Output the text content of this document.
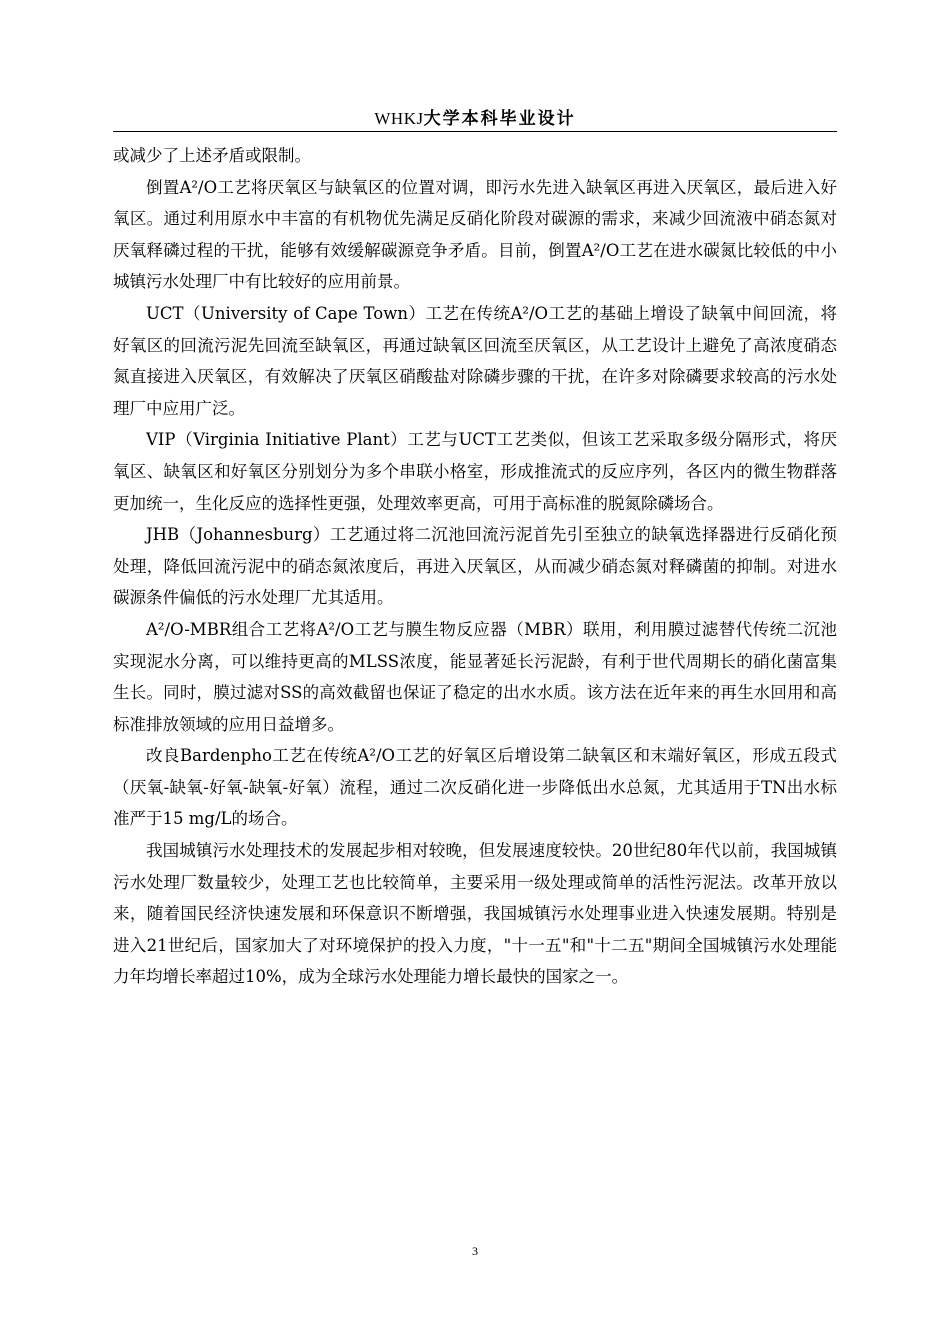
WHKJ大学本科毕业设计

或减少了上述矛盾或限制。

倒置A²/O工艺将厌氧区与缺氧区的位置对调，即污水先进入缺氧区再进入厌氧区，最后进入好氧区。通过利用原水中丰富的有机物优先满足反硝化阶段对碳源的需求，来减少回流液中硝态氮对厌氧释磷过程的干扰，能够有效缓解碳源竞争矛盾。目前，倒置A²/O工艺在进水碳氮比较低的中小城镇污水处理厂中有比较好的应用前景。

UCT（University of Cape Town）工艺在传统A²/O工艺的基础上增设了缺氧中间回流，将好氧区的回流污泥先回流至缺氧区，再通过缺氧区回流至厌氧区，从工艺设计上避免了高浓度硝态氮直接进入厌氧区，有效解决了厌氧区硝酸盐对除磷步骤的干扰，在许多对除磷要求较高的污水处理厂中应用广泛。

VIP（Virginia Initiative Plant）工艺与UCT工艺类似，但该工艺采取多级分隔形式，将厌氧区、缺氧区和好氧区分别划分为多个串联小格室，形成推流式的反应序列，各区内的微生物群落更加统一，生化反应的选择性更强，处理效率更高，可用于高标准的脱氮除磷场合。

JHB（Johannesburg）工艺通过将二沉池回流污泥首先引至独立的缺氧选择器进行反硝化预处理，降低回流污泥中的硝态氮浓度后，再进入厌氧区，从而减少硝态氮对释磷菌的抑制。对进水碳源条件偏低的污水处理厂尤其适用。

A²/O-MBR组合工艺将A²/O工艺与膜生物反应器（MBR）联用，利用膜过滤替代传统二沉池实现泥水分离，可以维持更高的MLSS浓度，能显著延长污泥龄，有利于世代周期长的硝化菌富集生长。同时，膜过滤对SS的高效截留也保证了稳定的出水水质。该方法在近年来的再生水回用和高标准排放领域的应用日益增多。

改良Bardenpho工艺在传统A²/O工艺的好氧区后增设第二缺氧区和末端好氧区，形成五段式（厌氧-缺氧-好氧-缺氧-好氧）流程，通过二次反硝化进一步降低出水总氮，尤其适用于TN出水标准严于15 mg/L的场合。

我国城镇污水处理技术的发展起步相对较晚，但发展速度较快。20世纪80年代以前，我国城镇污水处理厂数量较少，处理工艺也比较简单，主要采用一级处理或简单的活性污泥法。改革开放以来，随着国民经济快速发展和环保意识不断增强，我国城镇污水处理事业进入快速发展期。特别是进入21世纪后，国家加大了对环境保护的投入力度，"十一五"和"十二五"期间全国城镇污水处理能力年均增长率超过10%，成为全球污水处理能力增长最快的国家之一。

3
